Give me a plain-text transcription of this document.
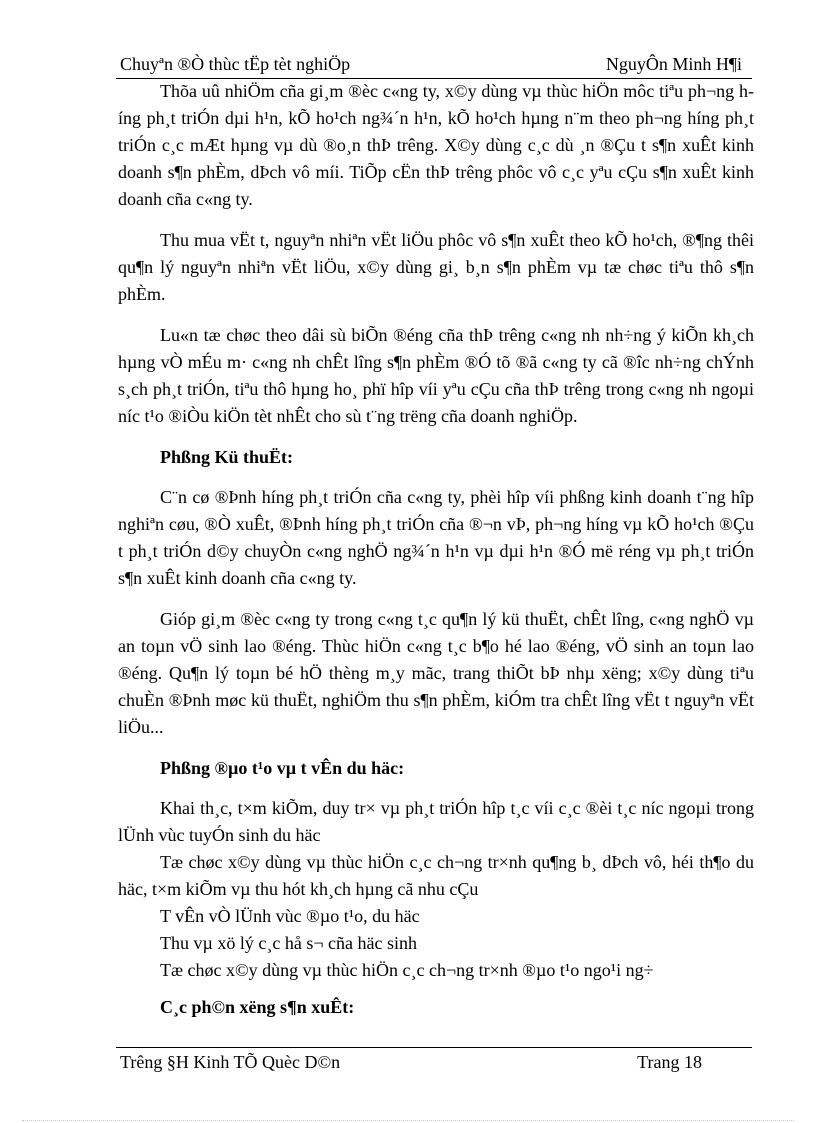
Chuyªn ®Ò thùc tËp tèt nghiÖp	NguyÔn Minh H¶i

Thõa uû nhiÖm cña gi¸m ®èc c«ng ty, x©y dùng vµ thùc hiÖn môc tiªu ph¬ng híng ph¸t triÓn dµi h¹n, kÕ ho¹ch ng¾´n h¹n, kÕ ho¹ch hµng n¨m theo ph¬ng híng ph¸t triÓn c¸c mÆt hµng vµ dù ®o¸n thÞ trêng. X©y dùng c¸c dù ¸n ®Çu t s¶n xuÊt kinh doanh s¶n phÈm, dÞch vô míi. TiÕp cËn thÞ trêng phôc vô c¸c yªu cÇu s¶n xuÊt kinh doanh cña c«ng ty.

Thu mua vËt t, nguyªn nhiªn vËt liÖu phôc vô s¶n xuÊt theo kÕ ho¹ch, ®¶ng thêi qu¶n lý nguyªn nhiªn vËt liÖu, x©y dùng gi¸ b¸n s¶n phÈm vµ tæ chøc tiªu thô s¶n phÈm.

Lu«n tæ chøc theo dâi sù biÕn ®éng cña thÞ trêng c«ng nh nh÷ng ý kiÕn kh¸ch hµng vÒ mÉu m· c«ng nh chÊt lîng s¶n phÈm ®Ó tõ ®ã c«ng ty cã ®îc nh÷ng chÝnh s¸ch ph¸t triÓn, tiªu thô hµng ho¸ phï hîp víi yªu cÇu cña thÞ trêng trong c«ng nh ngoµi níc t¹o ®iÒu kiÖn tèt nhÊt cho sù t¨ng trëng cña doanh nghiÖp.

Phßng Kü thuËt:

C¨n cø ®Þnh híng ph¸t triÓn cña c«ng ty, phèi hîp víi phßng kinh doanh t¨ng hîp nghiªn cøu, ®Ò xuÊt, ®Þnh híng ph¸t triÓn cña ®¬n vÞ, ph¬ng híng vµ kÕ ho¹ch ®Çu t ph¸t triÓn d©y chuyÒn c«ng nghÖ ng¾´n h¹n vµ dµi h¹n ®Ó më réng vµ ph¸t triÓn s¶n xuÊt kinh doanh cña c«ng ty.

Gióp gi¸m ®èc c«ng ty trong c«ng t¸c qu¶n lý kü thuËt, chÊt lîng, c«ng nghÖ vµ an toµn vÖ sinh lao ®éng. Thùc hiÖn c«ng t¸c b¶o hé lao ®éng, vÖ sinh an toµn lao ®éng. Qu¶n lý toµn bé hÖ thèng m¸y mãc, trang thiÕt bÞ nhµ xëng; x©y dùng tiªu chuÈn ®Þnh møc kü thuËt, nghiÖm thu s¶n phÈm, kiÓm tra chÊt lîng vËt t nguyªn vËt liÖu...

Phßng ®µo t¹o vµ t vÊn du häc:

Khai th¸c, t×m kiÕm, duy tr× vµ ph¸t triÓn hîp t¸c víi c¸c ®èi t¸c níc ngoµi trong lÜnh vùc tuyÓn sinh du häc

Tæ chøc x©y dùng vµ thùc hiÖn c¸c ch¬ng tr×nh qu¶ng b¸ dÞch vô, héi th¶o du häc, t×m kiÕm vµ thu hót kh¸ch hµng cã nhu cÇu

T vÊn vÒ lÜnh vùc ®µo t¹o, du häc

Thu vµ xö lý c¸c hå s¬ cña häc sinh

Tæ chøc x©y dùng vµ thùc hiÖn c¸c ch¬ng tr×nh ®µo t¹o ngo¹i ng÷

C¸c ph©n xëng s¶n xuÊt:
Trêng §H Kinh TÕ Quèc D©n	Trang 18
